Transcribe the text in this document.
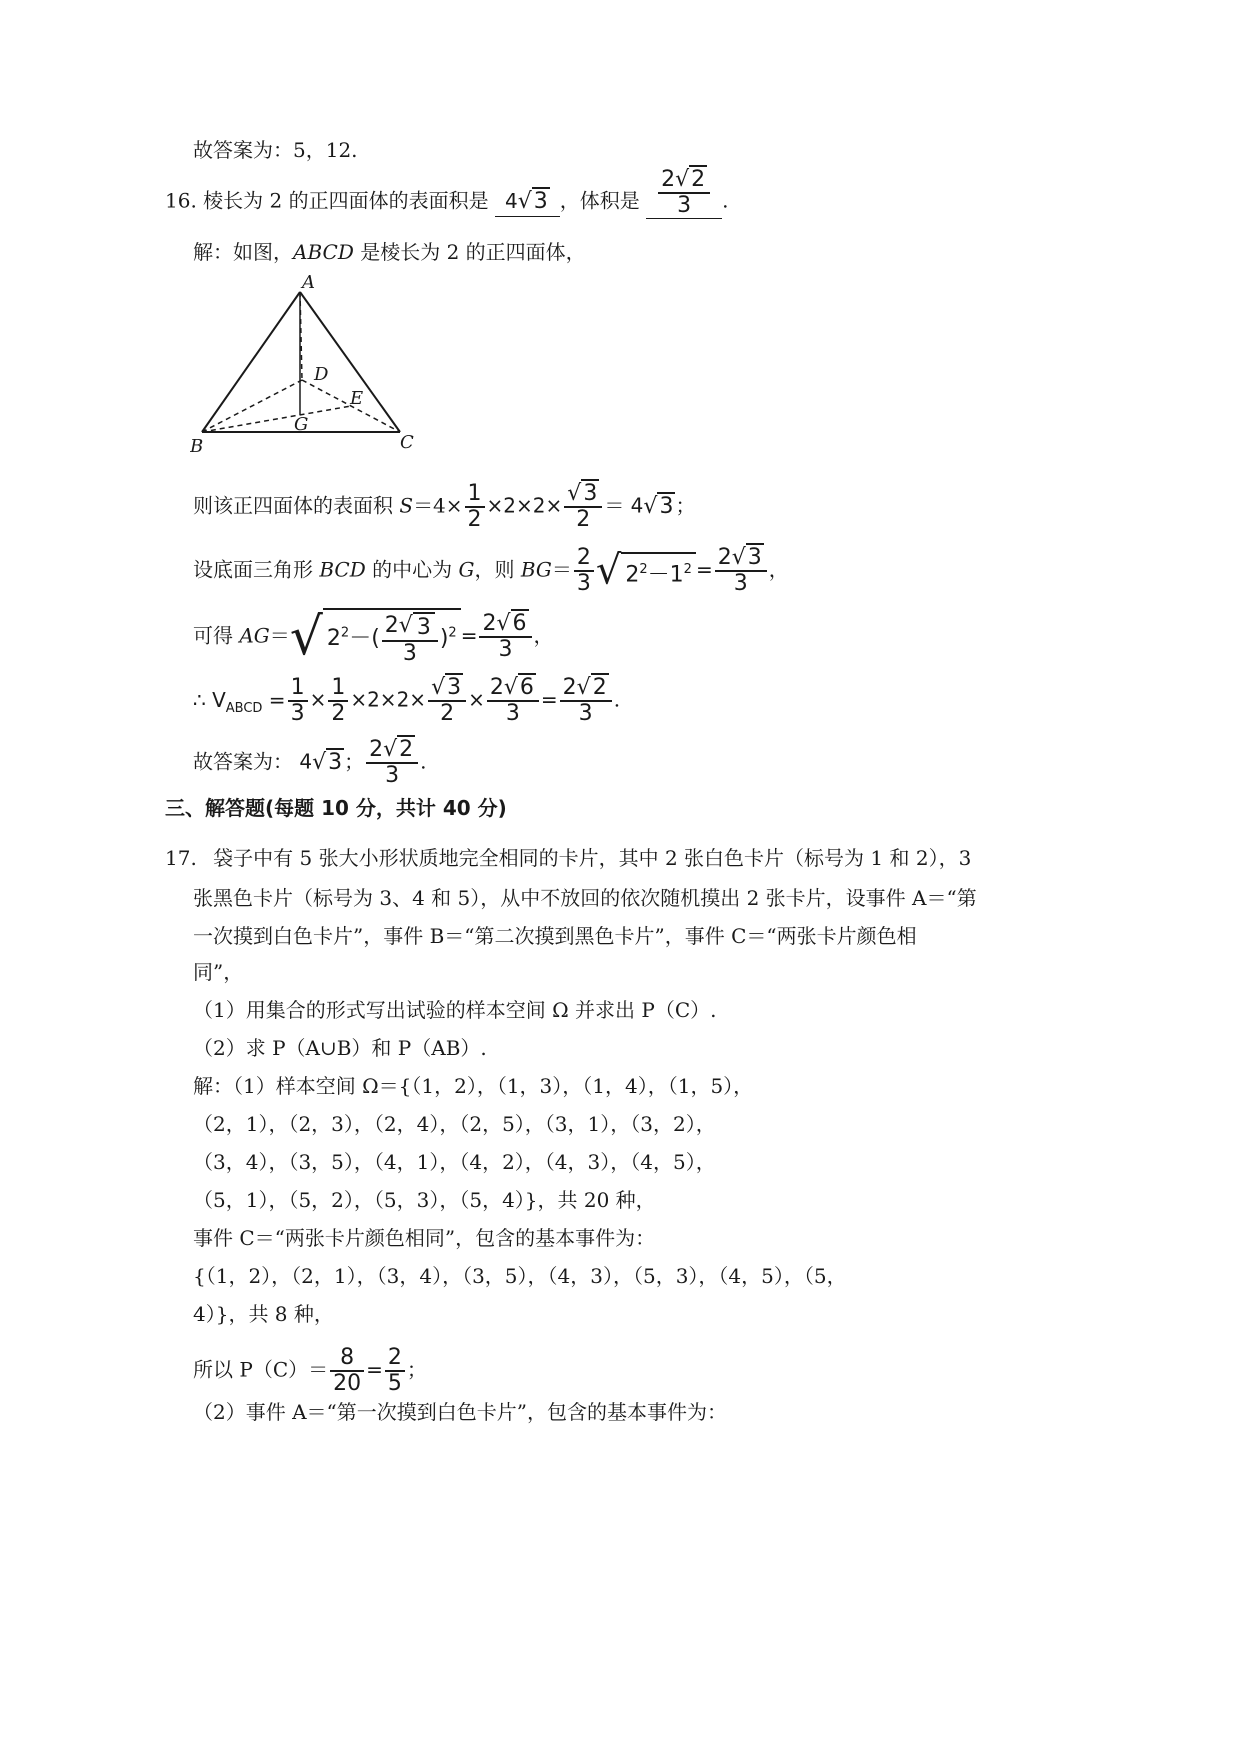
故答案为：5，12.
16. 棱长为 2 的正四面体的表面积是 4√3 ，体积是 $\frac{2√2}{3}$ .
解：如图，ABCD 是棱长为 2 的正四面体，
A
B	C
D
E
G
则该正四面体的表面积 $S=4\times \frac{1}{2} \times 2\times 2\times \frac{√3}{2} = 4√3$ ；
设底面三角形 BCD 的中心为 G，则 $BG= \frac{2}{3}$ √ $2^2-1^2 = \frac{2√3}{3}$ ，
可得 AG＝√ $2^2-( \frac{2√ 3}{3} )^2 = \frac{2√6}{3}$ ，
∴ $V_{ABCD} = \frac{1}{3} \times \frac{1}{2} \times 2\times 2\times \frac{√3}{2} \times \frac{2√6}{3} = \frac{2√2}{3}$ .
故答案为： 4√3 ； $\frac{2√2}{3}$ .
三、解答题(每题 10 分，共计 40 分)
17. 袋子中有 5 张大小形状质地完全相同的卡片，其中 2 张白色卡片（标号为 1 和 2），3
张黑色卡片（标号为 3、4 和 5），从中不放回的依次随机摸出 2 张卡片，设事件 A＝“第
一次摸到白色卡片”，事件 B＝“第二次摸到黑色卡片”，事件 C＝“两张卡片颜色相
同”，
（1）用集合的形式写出试验的样本空间 Ω 并求出 P（C）.
（2）求 P（A∪B）和 P（AB）.
解：（1）样本空间 Ω＝{（1，2），（1，3），（1，4），（1，5），
（2，1），（2，3），（2，4），（2，5），（3，1），（3，2），
（3，4），（3，5），（4，1），（4，2），（4，3），（4，5），
（5，1），（5，2），（5，3），（5，4）}，共 20 种，
事件 C＝“两张卡片颜色相同”，包含的基本事件为：
{（1，2），（2，1），（3，4），（3，5），（4，3），（5，3），（4，5），（5，
4）}，共 8 种，
所以 $P(C)= \frac{8}{20} = \frac{2}{5}$ ；
（2）事件 A＝“第一次摸到白色卡片”，包含的基本事件为：
